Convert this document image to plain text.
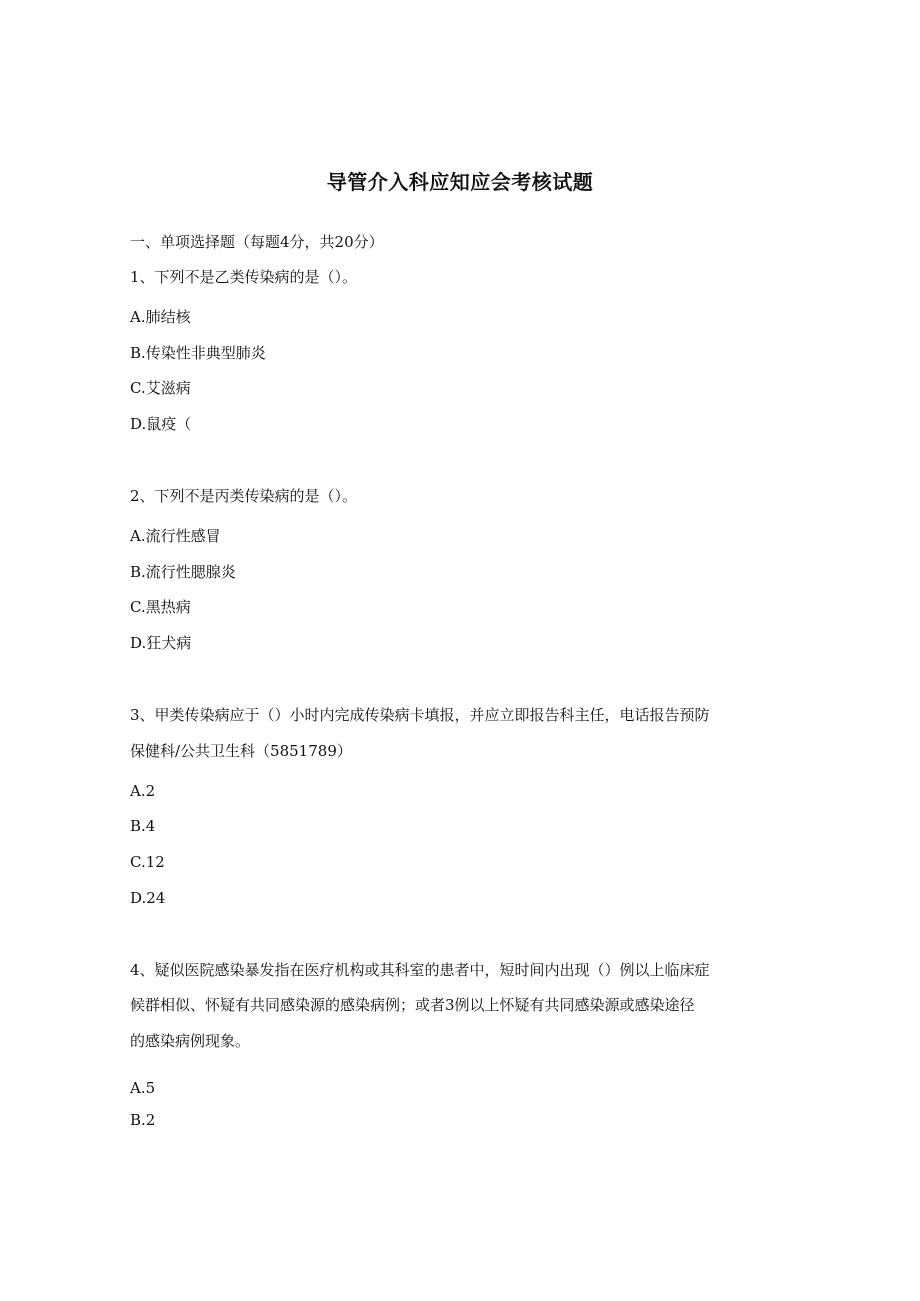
导管介入科应知应会考核试题
一、单项选择题（每题4分，共20分）
1、下列不是乙类传染病的是（）。
A.肺结核
B.传染性非典型肺炎
C.艾滋病
D.鼠疫（
2、下列不是丙类传染病的是（）。
A.流行性感冒
B.流行性腮腺炎
C.黑热病
D.狂犬病
3、甲类传染病应于（）小时内完成传染病卡填报，并应立即报告科主任，电话报告预防
保健科/公共卫生科（5851789）
A.2
B.4
C.12
D.24
4、疑似医院感染暴发指在医疗机构或其科室的患者中，短时间内出现（）例以上临床症
候群相似、怀疑有共同感染源的感染病例；或者3例以上怀疑有共同感染源或感染途径
的感染病例现象。
A.5
B.2
